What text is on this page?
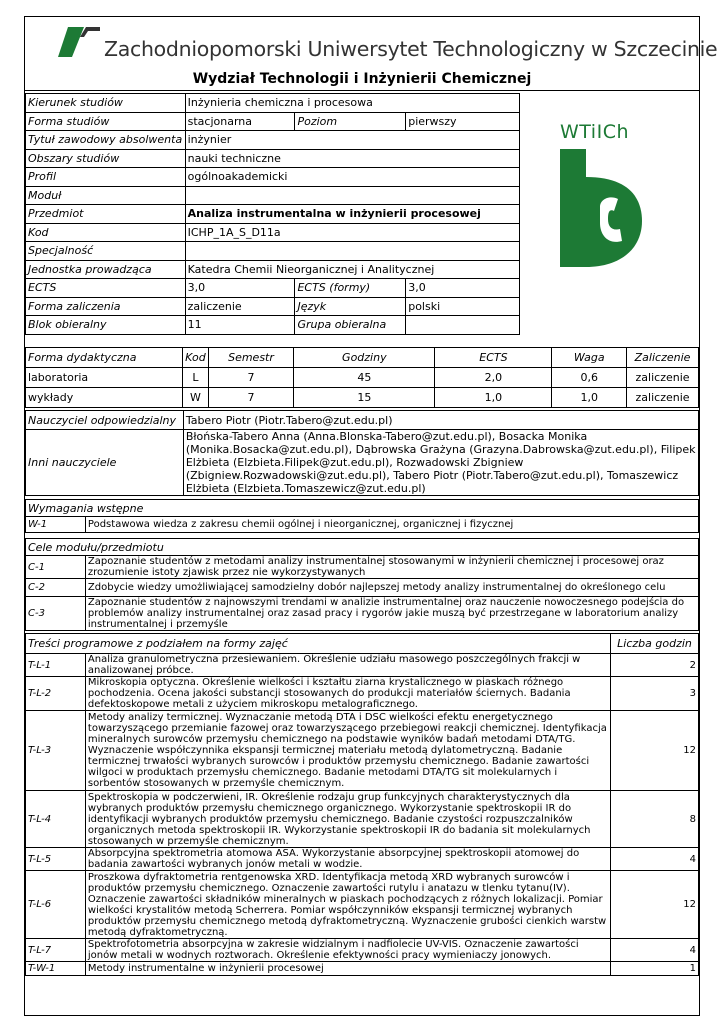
Zachodniopomorski Uniwersytet Technologiczny w Szczecinie
Wydział Technologii i Inżynierii Chemicznej
Kierunek studiów	Inżynieria chemiczna i procesowa		
Forma studiów	stacjonarna	Poziom	pierwszy
Tytuł zawodowy absolwenta	inżynier		
Obszary studiów	nauki techniczne		
Profil	ogólnoakademicki		
Moduł			
Przedmiot	Analiza instrumentalna w inżynierii procesowej		
Kod	ICHP_1A_S_D11a		
Specjalność			
Jednostka prowadząca	Katedra Chemii Nieorganicznej i Analitycznej		
ECTS	3,0	ECTS (formy)	3,0
Forma zaliczenia	zaliczenie	Język	polski
Blok obieralny	11	Grupa obieralna	
WTiICh
Forma dydaktyczna	Kod	Semestr	Godziny	ECTS	Waga	Zaliczenie
laboratoria	L	7	45	2,0	0,6	zaliczenie
wykłady	W	7	15	1,0	1,0	zaliczenie
Nauczyciel odpowiedzialny	Tabero Piotr (Piotr.Tabero@zut.edu.pl)
Inni nauczyciele	Błońska-Tabero Anna (Anna.Blonska-Tabero@zut.edu.pl), Bosacka Monika (Monika.Bosacka@zut.edu.pl), Dąbrowska Grażyna (Grazyna.Dabrowska@zut.edu.pl), Filipek Elżbieta (Elzbieta.Filipek@zut.edu.pl), Rozwadowski Zbigniew (Zbigniew.Rozwadowski@zut.edu.pl), Tabero Piotr (Piotr.Tabero@zut.edu.pl), Tomaszewicz Elżbieta (Elzbieta.Tomaszewicz@zut.edu.pl)
Wymagania wstępne
W-1	Podstawowa wiedza z zakresu chemii ogólnej i nieorganicznej, organicznej i fizycznej
Cele modułu/przedmiotu	
C-1	Zapoznanie studentów z metodami analizy instrumentalnej stosowanymi w inżynierii chemicznej i procesowej oraz zrozumienie istoty zjawisk przez nie wykorzystywanych
C-2	Zdobycie wiedzy umożliwiającej samodzielny dobór najlepszej metody analizy instrumentalnej do określonego celu
C-3	Zapoznanie studentów z najnowszymi trendami w analizie instrumentalnej oraz nauczenie nowoczesnego podejścia do problemów analizy instrumentalnej oraz zasad pracy i rygorów jakie muszą być przestrzegane w laboratorium analizy instrumentalnej i przemyśle
Treści programowe z podziałem na formy zajęć		Liczba godzin
T-L-1	Analiza granulometryczna przesiewaniem. Określenie udziału masowego poszczególnych frakcji w analizowanej próbce.	2
T-L-2	Mikroskopia optyczna. Określenie wielkości i kształtu ziarna krystalicznego w piaskach różnego pochodzenia. Ocena jakości substancji stosowanych do produkcji materiałów ściernych. Badania defektoskopowe metali z użyciem mikroskopu metalograficznego.	3
T-L-3	Metody analizy termicznej. Wyznaczanie metodą DTA i DSC wielkości efektu energetycznego towarzyszącego przemianie fazowej oraz towarzyszącego przebiegowi reakcji chemicznej. Identyfikacja mineralnych surowców przemysłu chemicznego na podstawie wyników badań metodami DTA/TG. Wyznaczenie współczynnika ekspansji termicznej materiału metodą dylatometryczną. Badanie termicznej trwałości wybranych surowców i produktów przemysłu chemicznego. Badanie zawartości wilgoci w produktach przemysłu chemicznego. Badanie metodami DTA/TG sit molekularnych i sorbentów stosowanych w przemyśle chemicznym.	12
T-L-4	Spektroskopia w podczerwieni, IR. Określenie rodzaju grup funkcyjnych charakterystycznych dla wybranych produktów przemysłu chemicznego organicznego. Wykorzystanie spektroskopii IR do identyfikacji wybranych produktów przemysłu chemicznego. Badanie czystości rozpuszczalników organicznych metoda spektroskopii IR. Wykorzystanie spektroskopii IR do badania sit molekularnych stosowanych w przemyśle chemicznym.	8
T-L-5	Absorpcyjna spektrometria atomowa ASA. Wykorzystanie absorpcyjnej spektroskopii atomowej do badania zawartości wybranych jonów metali w wodzie.	4
T-L-6	Proszkowa dyfraktometria rentgenowska XRD. Identyfikacja metodą XRD wybranych surowców i produktów przemysłu chemicznego. Oznaczenie zawartości rutylu i anatazu w tlenku tytanu(IV). Oznaczenie zawartości składników mineralnych w piaskach pochodzących z różnych lokalizacji. Pomiar wielkości krystalitów metodą Scherrera. Pomiar współczynników ekspansji termicznej wybranych produktów przemysłu chemicznego metodą dyfraktometryczną. Wyznaczenie grubości cienkich warstw metodą dyfraktometryczną.	12
T-L-7	Spektrofotometria absorpcyjna w zakresie widzialnym i nadfiolecie UV-VIS. Oznaczenie zawartości jonów metali w wodnych roztworach. Określenie efektywności pracy wymieniaczy jonowych.	4
T-W-1	Metody instrumentalne w inżynierii procesowej	1
